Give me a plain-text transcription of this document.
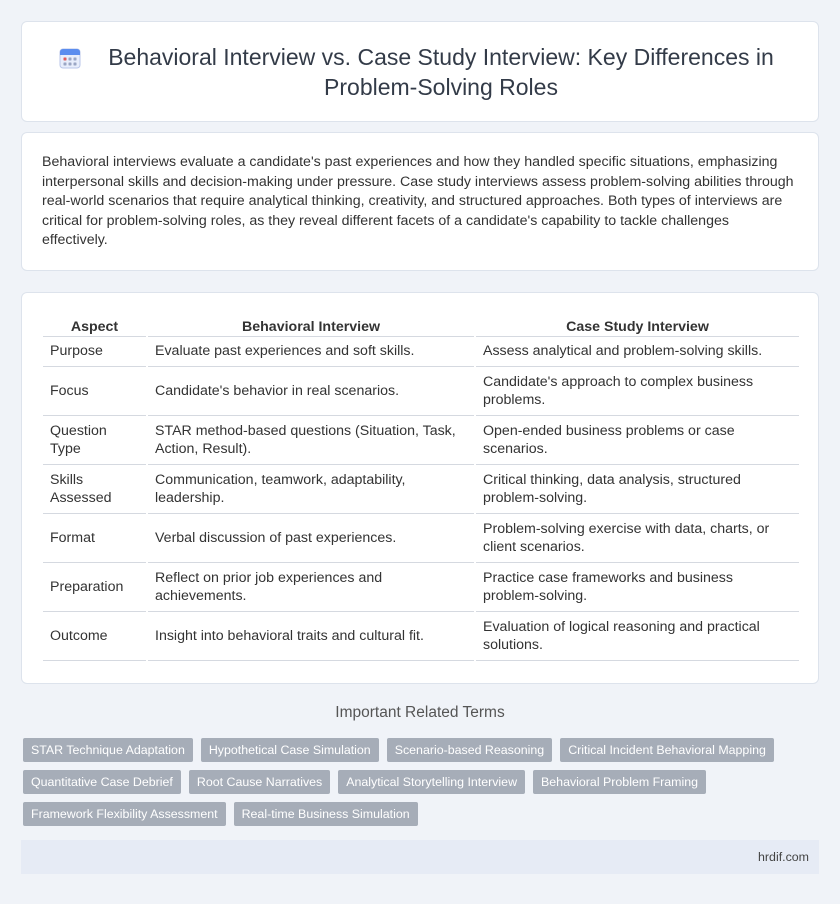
Behavioral Interview vs. Case Study Interview: Key Differences in Problem-Solving Roles

Behavioral interviews evaluate a candidate's past experiences and how they handled specific situations, emphasizing interpersonal skills and decision-making under pressure. Case study interviews assess problem-solving abilities through real-world scenarios that require analytical thinking, creativity, and structured approaches. Both types of interviews are critical for problem-solving roles, as they reveal different facets of a candidate's capability to tackle challenges effectively.

Aspect	Behavioral Interview	Case Study Interview
Purpose	Evaluate past experiences and soft skills.	Assess analytical and problem-solving skills.
Focus	Candidate's behavior in real scenarios.	Candidate's approach to complex business problems.
Question Type	STAR method-based questions (Situation, Task, Action, Result).	Open-ended business problems or case scenarios.
Skills Assessed	Communication, teamwork, adaptability, leadership.	Critical thinking, data analysis, structured problem-solving.
Format	Verbal discussion of past experiences.	Problem-solving exercise with data, charts, or client scenarios.
Preparation	Reflect on prior job experiences and achievements.	Practice case frameworks and business problem-solving.
Outcome	Insight into behavioral traits and cultural fit.	Evaluation of logical reasoning and practical solutions.
Important Related Terms
STAR Technique Adaptation	Hypothetical Case Simulation	Scenario-based Reasoning	Critical Incident Behavioral Mapping
Quantitative Case Debrief	Root Cause Narratives	Analytical Storytelling Interview	Behavioral Problem Framing
Framework Flexibility Assessment	Real-time Business Simulation
hrdif.com
